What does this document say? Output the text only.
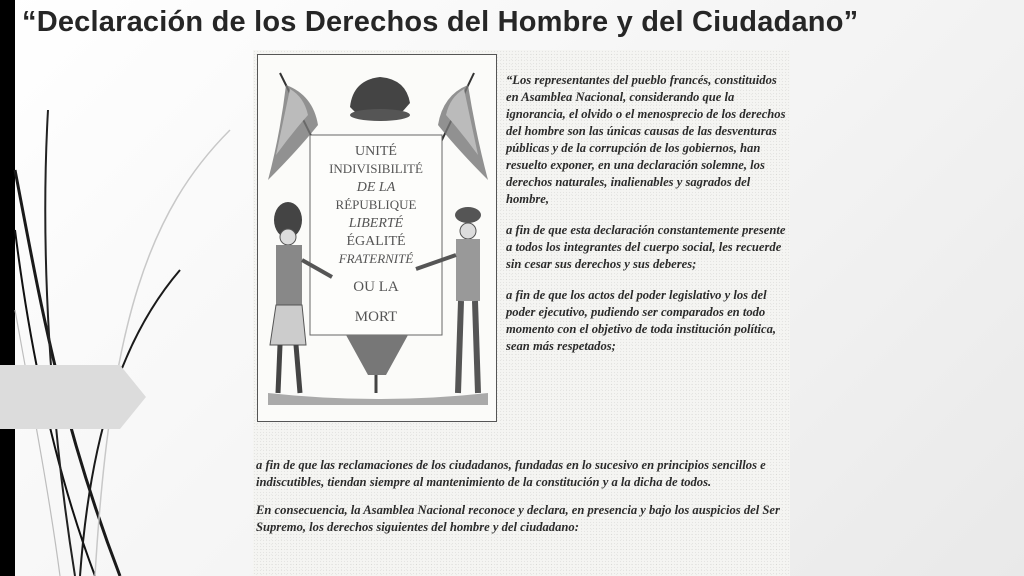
“Declaración de los Derechos del Hombre y del Ciudadano”
UNITÉ
INDIVISIBILITÉ
DE LA
RÉPUBLIQUE
LIBERTÉ
ÉGALITÉ
FRATERNITÉ
OU LA
MORT

“Los representantes del pueblo francés, constituidos en Asamblea Nacional, considerando que la ignorancia, el olvido o el menosprecio de los derechos del hombre son las únicas causas de las desventuras públicas y de la corrupción de los gobiernos, han resuelto exponer, en una declaración solemne, los derechos naturales, inalienables y sagrados del hombre,

a fin de que esta declaración constantemente presente a todos los integrantes del cuerpo social, les recuerde sin cesar sus derechos y sus deberes;

a fin de que los actos del poder legislativo y los del poder ejecutivo, pudiendo ser comparados en todo momento con el objetivo de toda institución política, sean más respetados;

a fin de que las reclamaciones de los ciudadanos, fundadas en lo sucesivo en principios sencillos e indiscutibles, tiendan siempre al mantenimiento de la constitución y a la dicha de todos.

En consecuencia, la Asamblea Nacional reconoce y declara, en presencia y bajo los auspicios del Ser Supremo, los derechos siguientes del hombre y del ciudadano:
